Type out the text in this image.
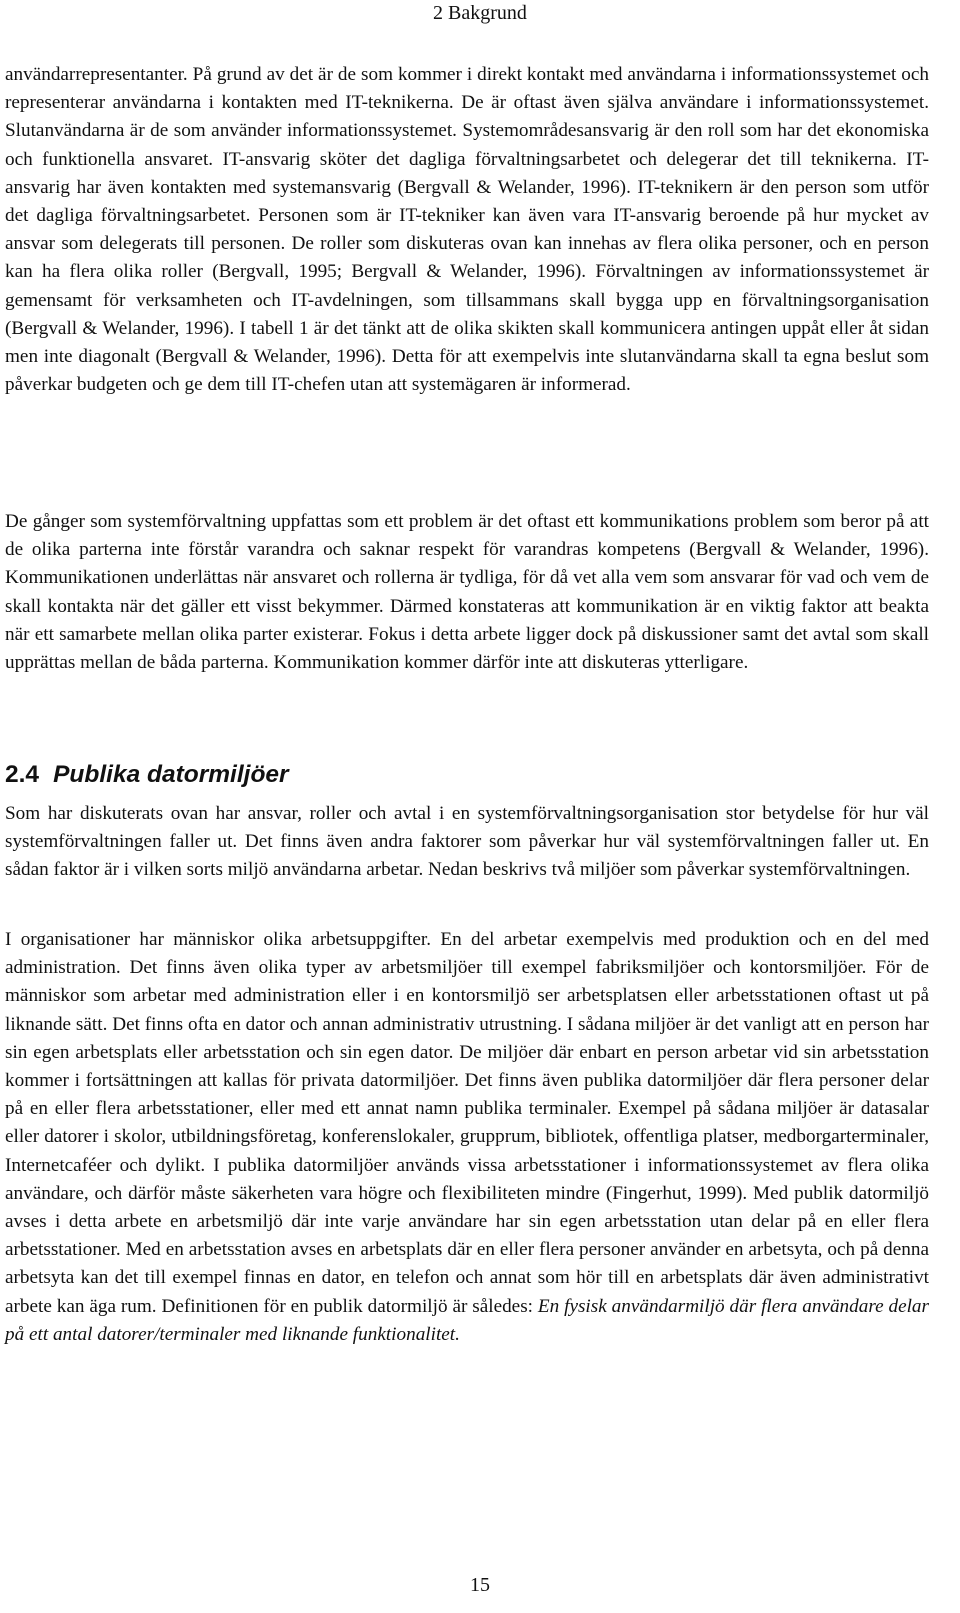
2 Bakgrund

användarrepresentanter. På grund av det är de som kommer i direkt kontakt med användarna i informationssystemet och representerar användarna i kontakten med IT-teknikerna. De är oftast även själva användare i informationssystemet. Slutanvändarna är de som använder informationssystemet. Systemområdesansvarig är den roll som har det ekonomiska och funktionella ansvaret. IT-ansvarig sköter det dagliga förvaltningsarbetet och delegerar det till teknikerna. IT-ansvarig har även kontakten med systemansvarig (Bergvall & Welander, 1996). IT-teknikern är den person som utför det dagliga förvaltningsarbetet. Personen som är IT-tekniker kan även vara IT-ansvarig beroende på hur mycket av ansvar som delegerats till personen. De roller som diskuteras ovan kan innehas av flera olika personer, och en person kan ha flera olika roller (Bergvall, 1995; Bergvall & Welander, 1996). Förvaltningen av informationssystemet är gemensamt för verksamheten och IT-avdelningen, som tillsammans skall bygga upp en förvaltningsorganisation (Bergvall & Welander, 1996). I tabell 1 är det tänkt att de olika skikten skall kommunicera antingen uppåt eller åt sidan men inte diagonalt (Bergvall & Welander, 1996). Detta för att exempelvis inte slutanvändarna skall ta egna beslut som påverkar budgeten och ge dem till IT-chefen utan att systemägaren är informerad.

De gånger som systemförvaltning uppfattas som ett problem är det oftast ett kommunikations problem som beror på att de olika parterna inte förstår varandra och saknar respekt för varandras kompetens (Bergvall & Welander, 1996). Kommunikationen underlättas när ansvaret och rollerna är tydliga, för då vet alla vem som ansvarar för vad och vem de skall kontakta när det gäller ett visst bekymmer. Därmed konstateras att kommunikation är en viktig faktor att beakta när ett samarbete mellan olika parter existerar. Fokus i detta arbete ligger dock på diskussioner samt det avtal som skall upprättas mellan de båda parterna. Kommunikation kommer därför inte att diskuteras ytterligare.

2.4 Publika datormiljöer

Som har diskuterats ovan har ansvar, roller och avtal i en systemförvaltningsorganisation stor betydelse för hur väl systemförvaltningen faller ut. Det finns även andra faktorer som påverkar hur väl systemförvaltningen faller ut. En sådan faktor är i vilken sorts miljö användarna arbetar. Nedan beskrivs två miljöer som påverkar systemförvaltningen.

I organisationer har människor olika arbetsuppgifter. En del arbetar exempelvis med produktion och en del med administration. Det finns även olika typer av arbetsmiljöer till exempel fabriksmiljöer och kontorsmiljöer. För de människor som arbetar med administration eller i en kontorsmiljö ser arbetsplatsen eller arbetsstationen oftast ut på liknande sätt. Det finns ofta en dator och annan administrativ utrustning. I sådana miljöer är det vanligt att en person har sin egen arbetsplats eller arbetsstation och sin egen dator. De miljöer där enbart en person arbetar vid sin arbetsstation kommer i fortsättningen att kallas för privata datormiljöer. Det finns även publika datormiljöer där flera personer delar på en eller flera arbetsstationer, eller med ett annat namn publika terminaler. Exempel på sådana miljöer är datasalar eller datorer i skolor, utbildningsföretag, konferenslokaler, grupprum, bibliotek, offentliga platser, medborgarterminaler, Internetcaféer och dylikt. I publika datormiljöer används vissa arbetsstationer i informationssystemet av flera olika användare, och därför måste säkerheten vara högre och flexibiliteten mindre (Fingerhut, 1999). Med publik datormiljö avses i detta arbete en arbetsmiljö där inte varje användare har sin egen arbetsstation utan delar på en eller flera arbetsstationer. Med en arbetsstation avses en arbetsplats där en eller flera personer använder en arbetsyta, och på denna arbetsyta kan det till exempel finnas en dator, en telefon och annat som hör till en arbetsplats där även administrativt arbete kan äga rum. Definitionen för en publik datormiljö är således: En fysisk användarmiljö där flera användare delar på ett antal datorer/terminaler med liknande funktionalitet.

15
